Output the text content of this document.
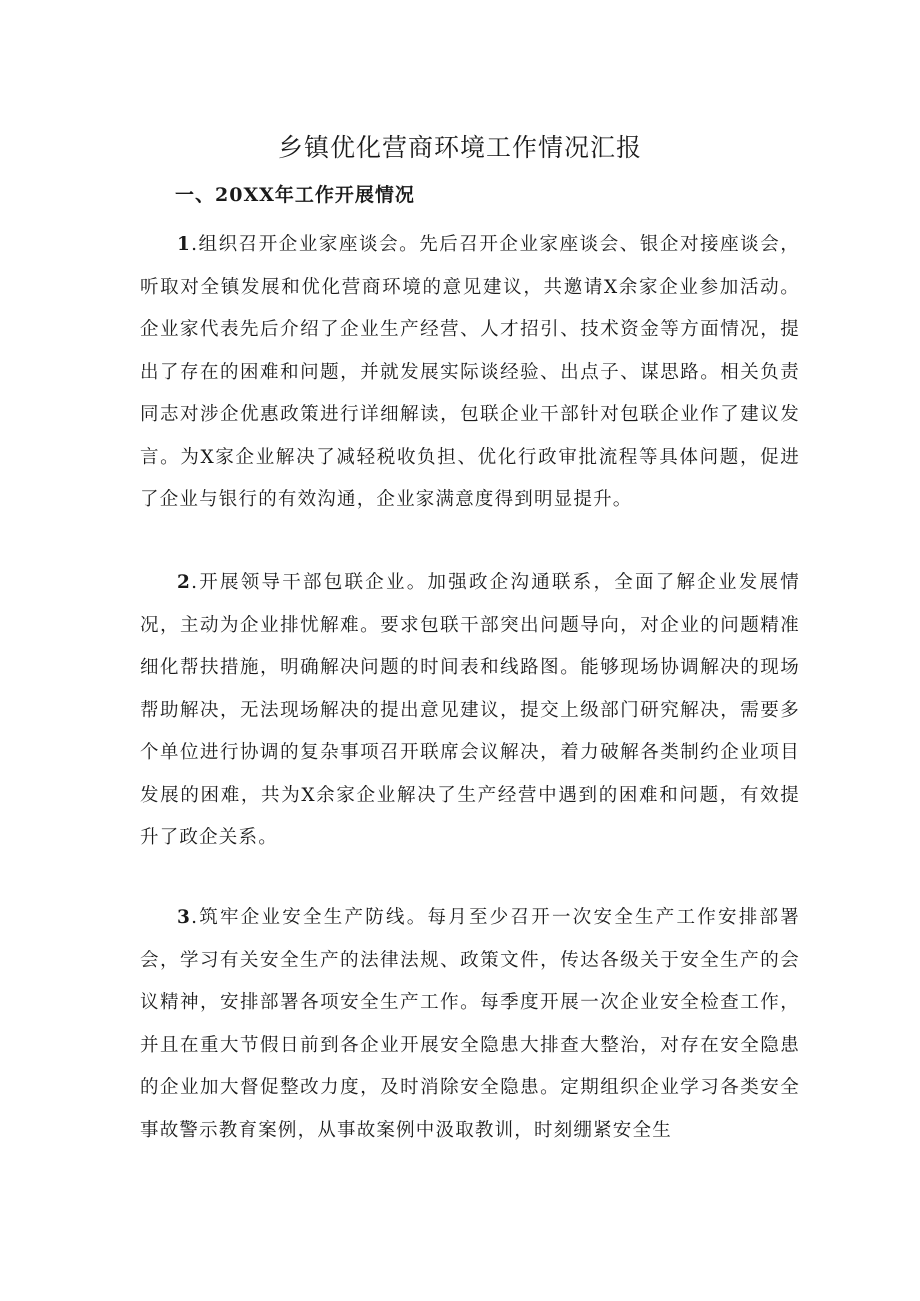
乡镇优化营商环境工作情况汇报
一、20XX年工作开展情况

1.组织召开企业家座谈会。先后召开企业家座谈会、银企对接座谈会，听取对全镇发展和优化营商环境的意见建议，共邀请X余家企业参加活动。企业家代表先后介绍了企业生产经营、人才招引、技术资金等方面情况，提出了存在的困难和问题，并就发展实际谈经验、出点子、谋思路。相关负责同志对涉企优惠政策进行详细解读，包联企业干部针对包联企业作了建议发言。为X家企业解决了减轻税收负担、优化行政审批流程等具体问题，促进了企业与银行的有效沟通，企业家满意度得到明显提升。

2.开展领导干部包联企业。加强政企沟通联系，全面了解企业发展情况，主动为企业排忧解难。要求包联干部突出问题导向，对企业的问题精准细化帮扶措施，明确解决问题的时间表和线路图。能够现场协调解决的现场帮助解决，无法现场解决的提出意见建议，提交上级部门研究解决，需要多个单位进行协调的复杂事项召开联席会议解决，着力破解各类制约企业项目发展的困难，共为X余家企业解决了生产经营中遇到的困难和问题，有效提升了政企关系。

3.筑牢企业安全生产防线。每月至少召开一次安全生产工作安排部署会，学习有关安全生产的法律法规、政策文件，传达各级关于安全生产的会议精神，安排部署各项安全生产工作。每季度开展一次企业安全检查工作，并且在重大节假日前到各企业开展安全隐患大排查大整治，对存在安全隐患的企业加大督促整改力度，及时消除安全隐患。定期组织企业学习各类安全事故警示教育案例，从事故案例中汲取教训，时刻绷紧安全生
